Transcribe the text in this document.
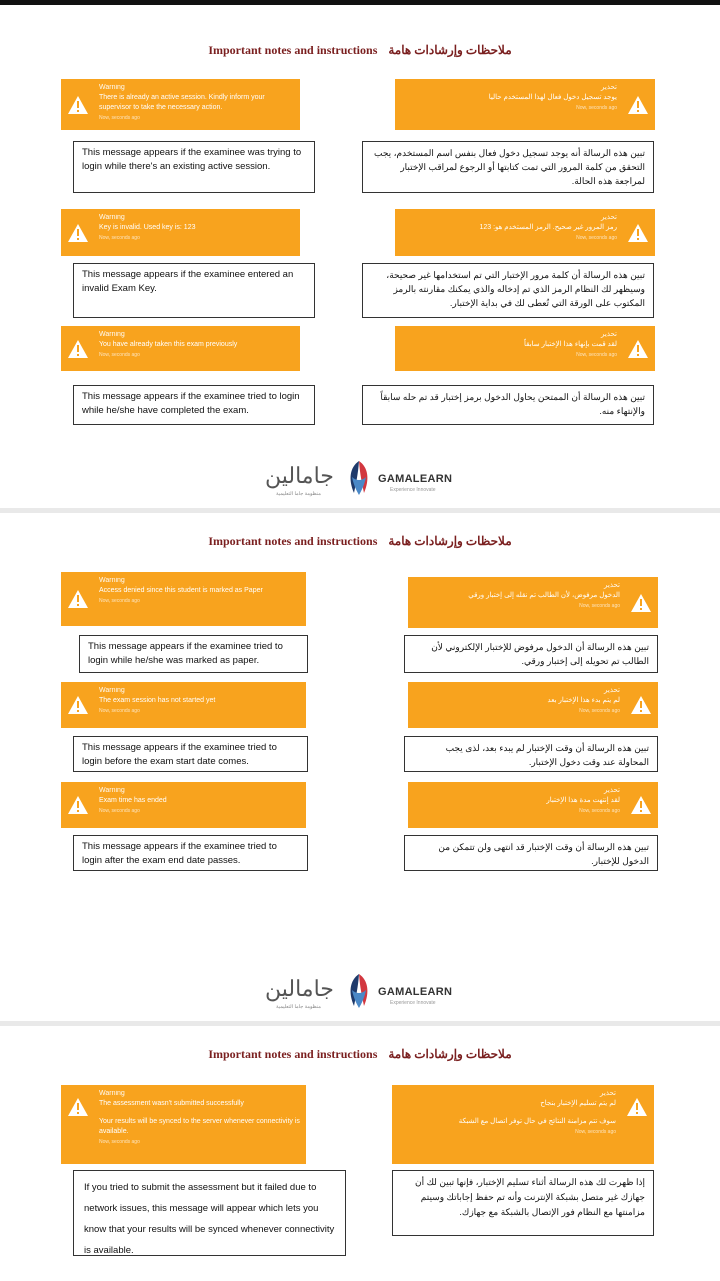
Important notes and instructions ملاحظات وإرشادات هامة
Warning
There is already an active session. Kindly inform your supervisor to take the necessary action.
Now, seconds ago
تحذير
يوجد تسجيل دخول فعال لهذا المستخدم حاليا
Now, seconds ago
This message appears if the examinee was trying to login while there's an existing active session.
تبين هذه الرسالة أنه يوجد تسجيل دخول فعال بنفس اسم المستخدم، يجب التحقق من كلمة المرور التي تمت كتابتها أو الرجوع لمراقب الإختبار لمراجعة هذه الحالة.
Warning
Key is invalid. Used key is: 123
Now, seconds ago
تحذير
رمز المرور غير صحيح. الرمز المستخدم هو: 123
Now, seconds ago
This message appears if the examinee entered an invalid Exam Key.
تبين هذه الرسالة أن كلمة مرور الإختبار التي تم استخدامها غير صحيحة، وسيظهر لك النظام الرمز الذي تم إدخاله والذي يمكنك مقارنته بالرمز المكتوب على الورقة التي تُعطى لك في بداية الإختبار.
Warning
You have already taken this exam previously
Now, seconds ago
تحذير
لقد قمت بإنهاء هذا الإختبار سابقاً
Now, seconds ago
This message appears if the examinee tried to login while he/she have completed the exam.
تبين هذه الرسالة أن الممتحن يحاول الدخول برمز إختبار قد تم حله سابقاً والإنتهاء منه.
جامالين
منظومة جاما التعليمية
GAMALEARN
Experience Innovate
Important notes and instructions ملاحظات وإرشادات هامة
Warning
Access denied since this student is marked as Paper
Now, seconds ago
تحذير
الدخول مرفوض، لأن الطالب تم نقله إلى إختبار ورقي
Now, seconds ago
This message appears if the examinee tried to login while he/she was marked as paper.
تبين هذه الرسالة أن الدخول مرفوض للإختبار الإلكتروني لأن الطالب تم تحويله إلى إختبار ورقي.
Warning
The exam session has not started yet
Now, seconds ago
تحذير
لم يتم بدء هذا الإختبار بعد
Now, seconds ago
This message appears if the examinee tried to login before the exam start date comes.
تبين هذه الرسالة أن وقت الإختبار لم يبدء بعد، لذى يجب المحاولة عند وقت دخول الإختبار.
Warning
Exam time has ended
Now, seconds ago
تحذير
لقد إنتهت مدة هذا الإختبار
Now, seconds ago
This message appears if the examinee tried to login after the exam end date passes.
تبين هذه الرسالة أن وقت الإختبار قد انتهى ولن تتمكن من الدخول للإختبار.
جامالين
منظومة جاما التعليمية
GAMALEARN
Experience Innovate
Important notes and instructions ملاحظات وإرشادات هامة
Warning
The assessment wasn't submitted successfully
Your results will be synced to the server whenever connectivity is available.
Now, seconds ago
تحذير
لم يتم تسليم الإختبار بنجاح
سوف تتم مزامنة النتائج في حال توفر اتصال مع الشبكة
Now, seconds ago
If you tried to submit the assessment but it failed due to network issues, this message will appear which lets you know that your results will be synced whenever connectivity is available.
إذا ظهرت لك هذه الرسالة أثناء تسليم الإختبار، فإنها تبين لك أن جهازك غير متصل بشبكة الإنترنت وأنه تم حفظ إجاباتك وسيتم مزامنتها مع النظام فور الإتصال بالشبكة مع جهازك.
